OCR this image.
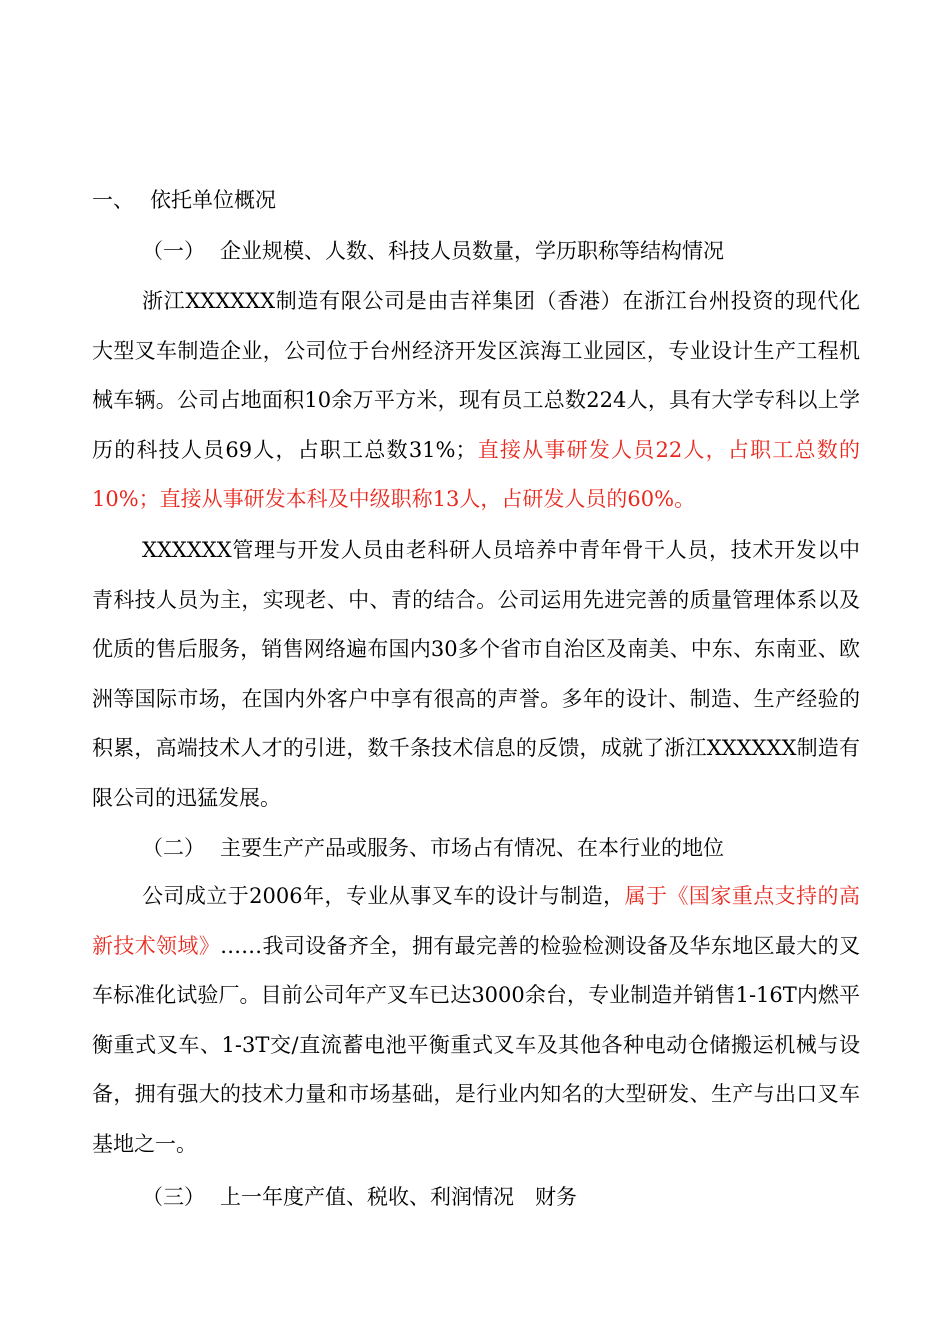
一、 依托单位概况
（一） 企业规模、人数、科技人员数量，学历职称等结构情况

浙江XXXXXX制造有限公司是由吉祥集团（香港）在浙江台州投资的现代化大型叉车制造企业，公司位于台州经济开发区滨海工业园区，专业设计生产工程机械车辆。公司占地面积10余万平方米，现有员工总数224人，具有大学专科以上学历的科技人员69人，占职工总数31%；直接从事研发人员22人，占职工总数的10%；直接从事研发本科及中级职称13人，占研发人员的60%。

XXXXXX管理与开发人员由老科研人员培养中青年骨干人员，技术开发以中青科技人员为主，实现老、中、青的结合。公司运用先进完善的质量管理体系以及优质的售后服务，销售网络遍布国内30多个省市自治区及南美、中东、东南亚、欧洲等国际市场，在国内外客户中享有很高的声誉。多年的设计、制造、生产经验的积累，高端技术人才的引进，数千条技术信息的反馈，成就了浙江XXXXXX制造有限公司的迅猛发展。

（二） 主要生产产品或服务、市场占有情况、在本行业的地位

公司成立于2006年，专业从事叉车的设计与制造，属于《国家重点支持的高新技术领域》……我司设备齐全，拥有最完善的检验检测设备及华东地区最大的叉车标准化试验厂。目前公司年产叉车已达3000余台，专业制造并销售1-16T内燃平衡重式叉车、1-3T交/直流蓄电池平衡重式叉车及其他各种电动仓储搬运机械与设备，拥有强大的技术力量和市场基础，是行业内知名的大型研发、生产与出口叉车基地之一。

（三） 上一年度产值、税收、利润情况　财务
